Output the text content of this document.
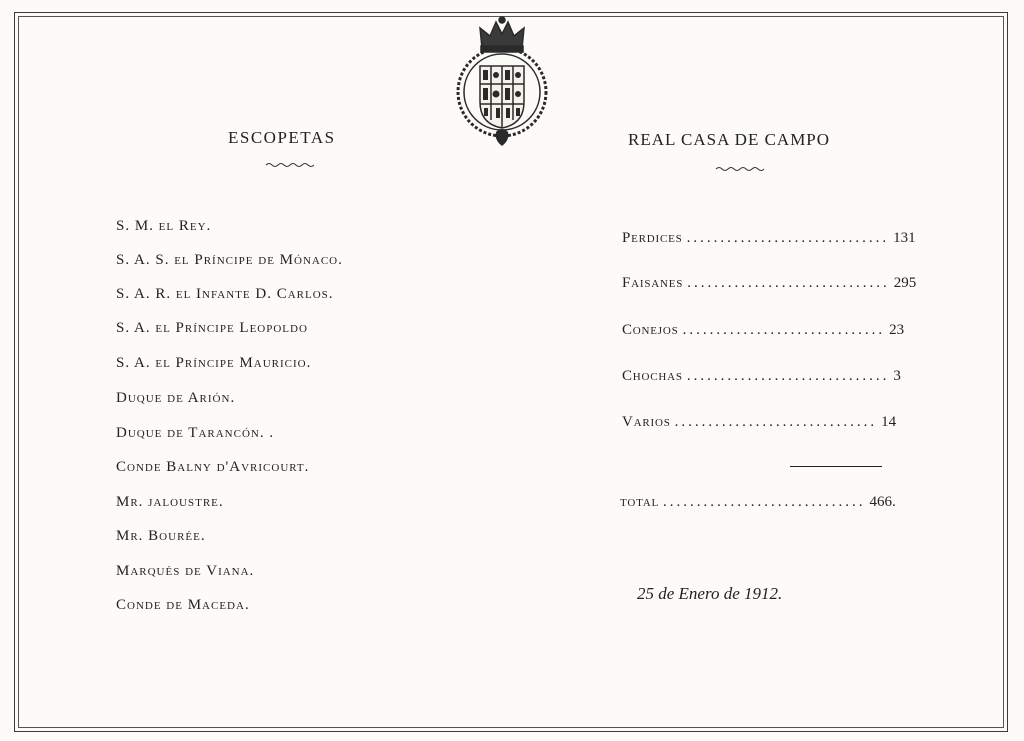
ESCOPETAS	REAL CASA DE CAMPO
S. M. el Rey.
S. A. S. el Príncipe de Mónaco.
S. A. R. el Infante D. Carlos.
S. A. el Príncipe Leopoldo
S. A. el Príncipe Mauricio.
Duque de Arión.
Duque de Tarancón. .
Conde Balny d'Avricourt.
Mr. jaloustre.
Mr. Bourée.
Marqués de Viana.
Conde de Maceda.
Perdices .............................. 131
Faisanes .............................. 295
Conejos .............................. 23
Chochas .............................. 3
Varios .............................. 14
total .............................. 466.
25 de Enero de 1912.
